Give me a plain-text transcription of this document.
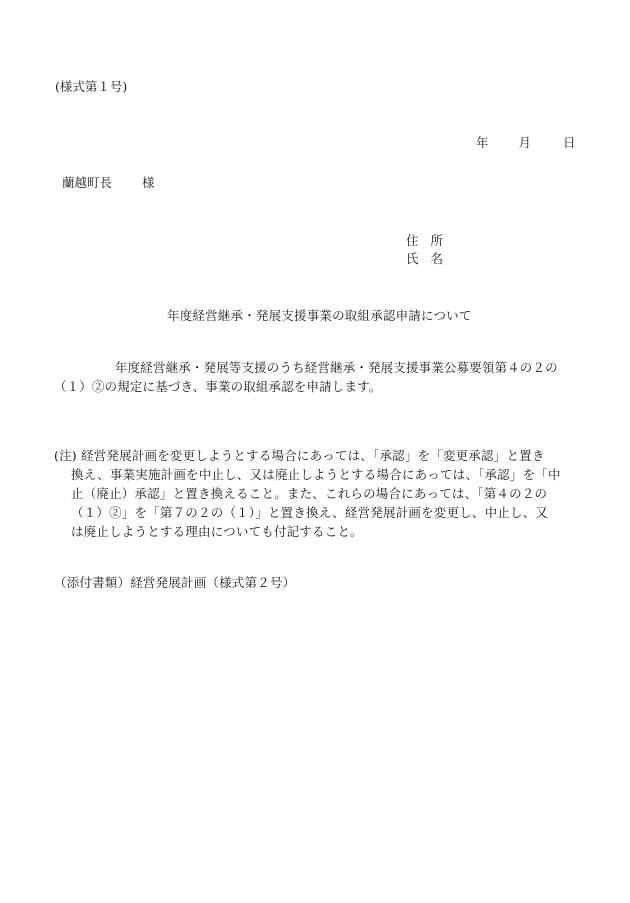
(様式第１号)
年 月	日
蘭越町長 様
住 所
氏 名
年度経営継承・発展支援事業の取組承認申請について
年度経営継承・発展等支援のうち経営継承・発展支援事業公募要領第４の２の
（１）②の規定に基づき、事業の取組承認を申請します。
(注) 経営発展計画を変更しようとする場合にあっては、「承認」を「変更承認」と置き
換え、事業実施計画を中止し、又は廃止しようとする場合にあっては、「承認」を「中
止（廃止）承認」と置き換えること。また、これらの場合にあっては、「第４の２の
（１）②」を「第７の２の（１）」と置き換え、経営発展計画を変更し、中止し、又
は廃止しようとする理由についても付記すること。
（添付書類）経営発展計画（様式第２号）
